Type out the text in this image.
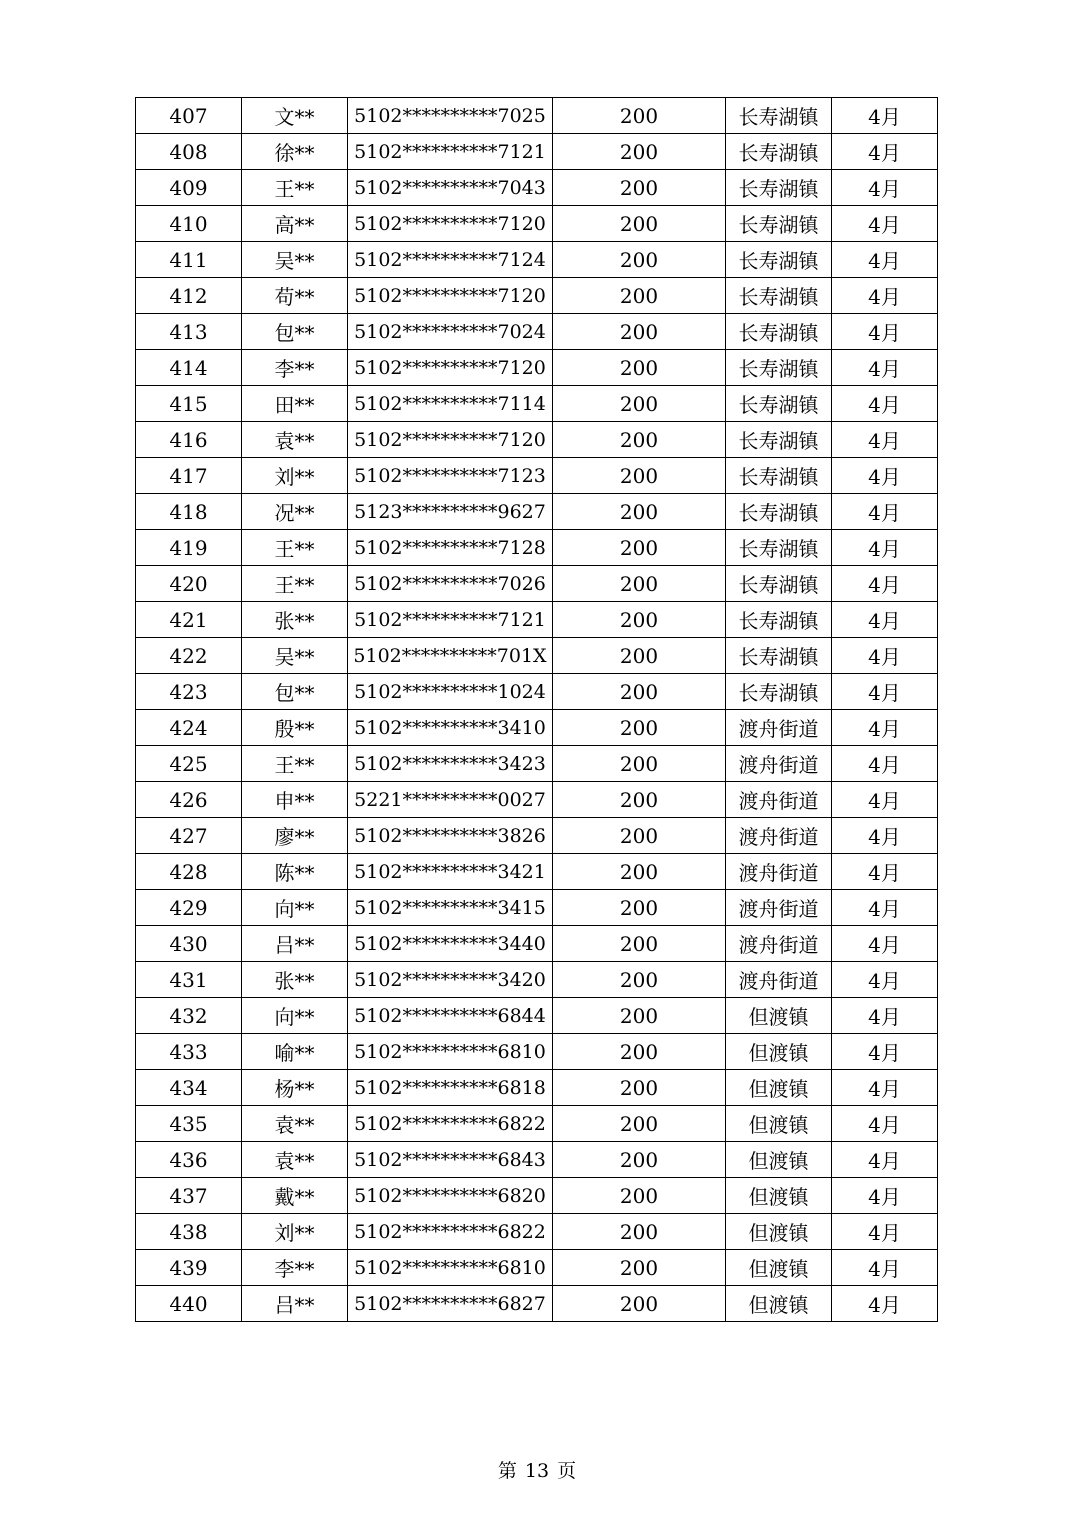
407	文**	5102**********7025	200	长寿湖镇	4月
408	徐**	5102**********7121	200	长寿湖镇	4月
409	王**	5102**********7043	200	长寿湖镇	4月
410	高**	5102**********7120	200	长寿湖镇	4月
411	吴**	5102**********7124	200	长寿湖镇	4月
412	苟**	5102**********7120	200	长寿湖镇	4月
413	包**	5102**********7024	200	长寿湖镇	4月
414	李**	5102**********7120	200	长寿湖镇	4月
415	田**	5102**********7114	200	长寿湖镇	4月
416	袁**	5102**********7120	200	长寿湖镇	4月
417	刘**	5102**********7123	200	长寿湖镇	4月
418	况**	5123**********9627	200	长寿湖镇	4月
419	王**	5102**********7128	200	长寿湖镇	4月
420	王**	5102**********7026	200	长寿湖镇	4月
421	张**	5102**********7121	200	长寿湖镇	4月
422	吴**	5102**********701X	200	长寿湖镇	4月
423	包**	5102**********1024	200	长寿湖镇	4月
424	殷**	5102**********3410	200	渡舟街道	4月
425	王**	5102**********3423	200	渡舟街道	4月
426	申**	5221**********0027	200	渡舟街道	4月
427	廖**	5102**********3826	200	渡舟街道	4月
428	陈**	5102**********3421	200	渡舟街道	4月
429	向**	5102**********3415	200	渡舟街道	4月
430	吕**	5102**********3440	200	渡舟街道	4月
431	张**	5102**********3420	200	渡舟街道	4月
432	向**	5102**********6844	200	但渡镇	4月
433	喻**	5102**********6810	200	但渡镇	4月
434	杨**	5102**********6818	200	但渡镇	4月
435	袁**	5102**********6822	200	但渡镇	4月
436	袁**	5102**********6843	200	但渡镇	4月
437	戴**	5102**********6820	200	但渡镇	4月
438	刘**	5102**********6822	200	但渡镇	4月
439	李**	5102**********6810	200	但渡镇	4月
440	吕**	5102**********6827	200	但渡镇	4月
第 13 页
